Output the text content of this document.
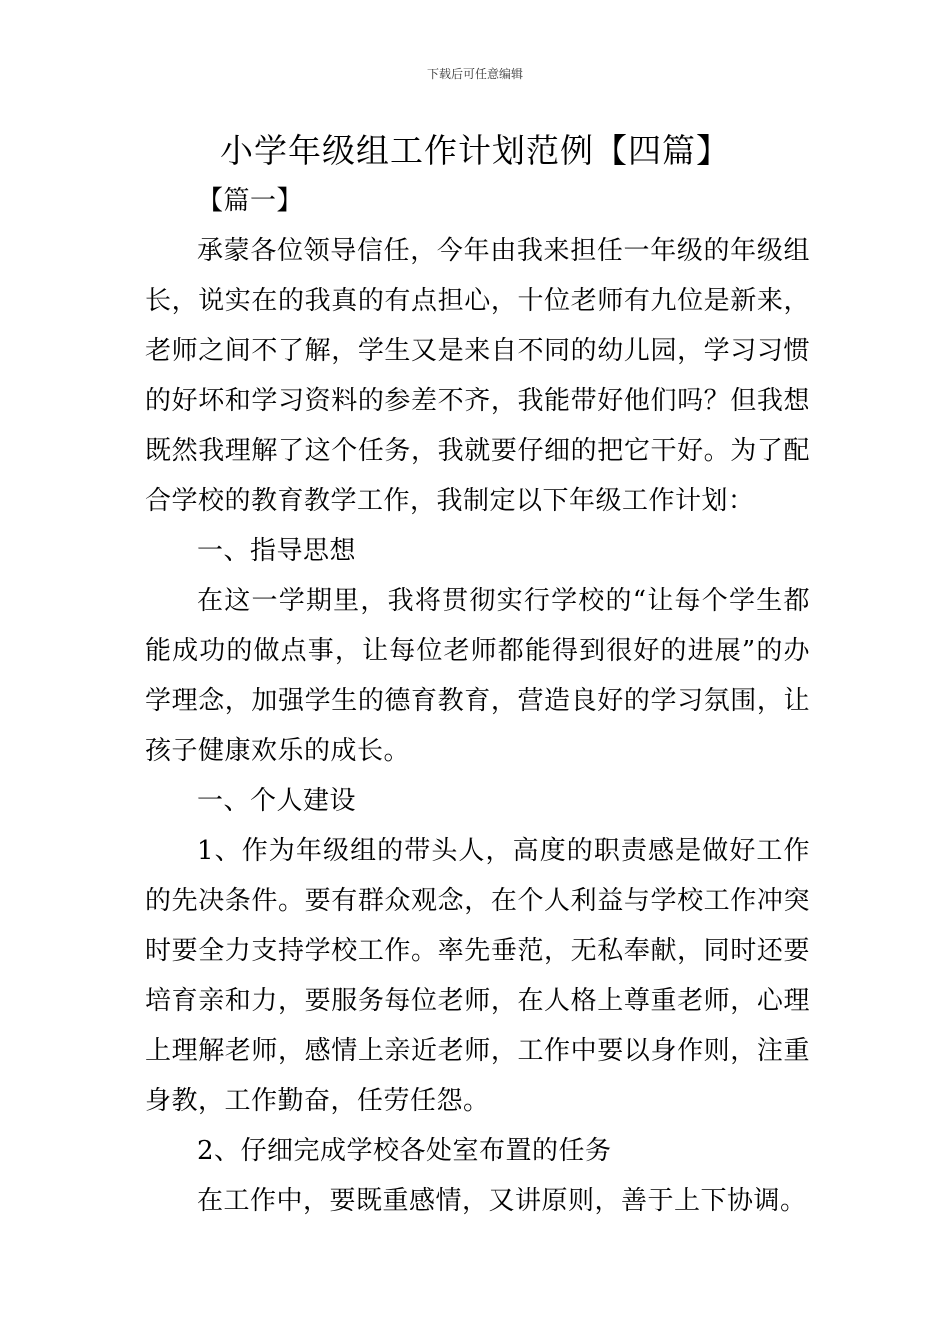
下载后可任意编辑
小学年级组工作计划范例【四篇】

【篇一】

承蒙各位领导信任，今年由我来担任一年级的年级组长，说实在的我真的有点担心，十位老师有九位是新来，老师之间不了解，学生又是来自不同的幼儿园，学习习惯的好坏和学习资料的参差不齐，我能带好他们吗？但我想既然我理解了这个任务，我就要仔细的把它干好。为了配合学校的教育教学工作，我制定以下年级工作计划：

一、指导思想

在这一学期里，我将贯彻实行学校的“让每个学生都能成功的做点事，让每位老师都能得到很好的进展”的办学理念，加强学生的德育教育，营造良好的学习氛围，让孩子健康欢乐的成长。

一、个人建设

1、作为年级组的带头人，高度的职责感是做好工作的先决条件。要有群众观念，在个人利益与学校工作冲突时要全力支持学校工作。率先垂范，无私奉献，同时还要培育亲和力，要服务每位老师，在人格上尊重老师，心理上理解老师，感情上亲近老师，工作中要以身作则，注重身教，工作勤奋，任劳任怨。

2、仔细完成学校各处室布置的任务

在工作中，要既重感情，又讲原则，善于上下协调。
